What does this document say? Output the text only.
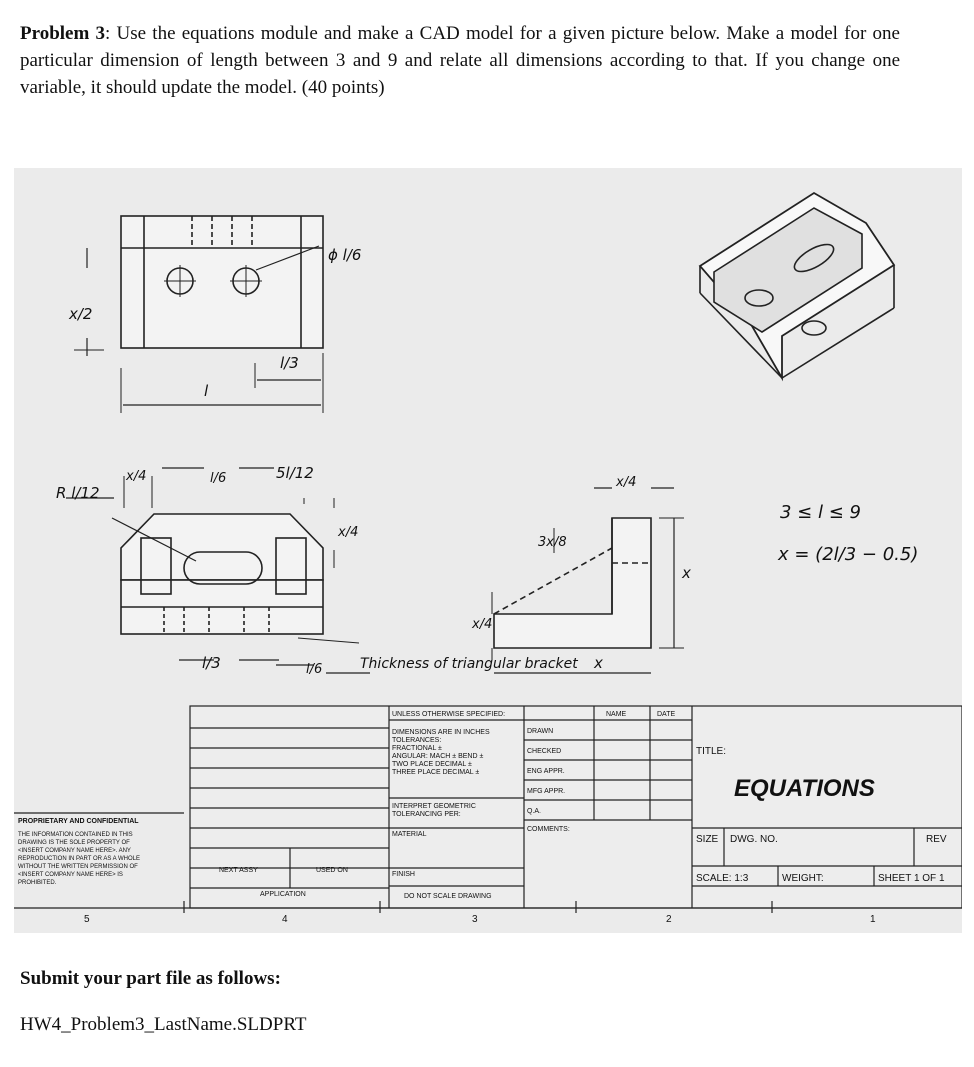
Problem 3: Use the equations module and make a CAD model for a given picture below. Make a model for one particular dimension of length between 3 and 9 and relate all dimensions according to that. If you change one variable, it should update the model. (40 points)
ϕ l/6
x/2
l/3
l
R l/12
x/4	l/6	5l/12
x/4
l/3	l/6
x/4
3x/8
x/4
x
x
Thickness of triangular bracket
3 ≤ l ≤ 9
x = (2l/3 − 0.5)
UNLESS OTHERWISE SPECIFIED:
DIMENSIONS ARE IN INCHES
TOLERANCES:
FRACTIONAL ±
ANGULAR: MACH ± BEND ±
TWO PLACE DECIMAL ±
THREE PLACE DECIMAL ±
INTERPRET GEOMETRIC
TOLERANCING PER:
MATERIAL
FINISH
DO NOT SCALE DRAWING
NAME	DATE
DRAWN
CHECKED
ENG APPR.
MFG APPR.
Q.A.
COMMENTS:
TITLE:
EQUATIONS
SIZE DWG. NO.	REV
SCALE: 1:3	WEIGHT:	SHEET 1 OF 1
NEXT ASSY	USED ON
APPLICATION
PROPRIETARY AND CONFIDENTIAL
THE INFORMATION CONTAINED IN THIS
DRAWING IS THE SOLE PROPERTY OF
<INSERT COMPANY NAME HERE>. ANY
REPRODUCTION IN PART OR AS A WHOLE
WITHOUT THE WRITTEN PERMISSION OF
<INSERT COMPANY NAME HERE> IS
PROHIBITED.
5	4	3	2	1
Submit your part file as follows:
HW4_Problem3_LastName.SLDPRT
